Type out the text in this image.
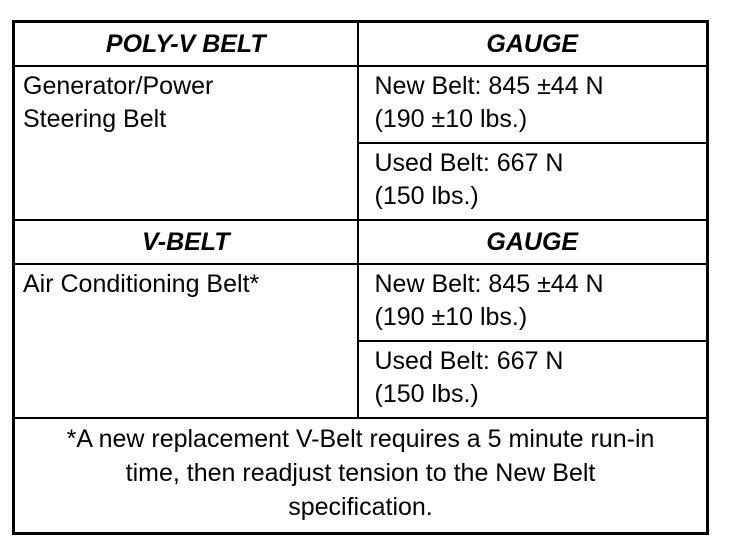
POLY-V BELT	GAUGE

Generator/Power
Steering Belt	New Belt: 845 ±44 N
(190 ±10 lbs.)

	Used Belt: 667 N
(150 lbs.)

V-BELT	GAUGE

Air Conditioning Belt*	New Belt: 845 ±44 N
(190 ±10 lbs.)

	Used Belt: 667 N
(150 lbs.)

*A new replacement V-Belt requires a 5 minute run-in
time, then readjust tension to the New Belt
specification.	
